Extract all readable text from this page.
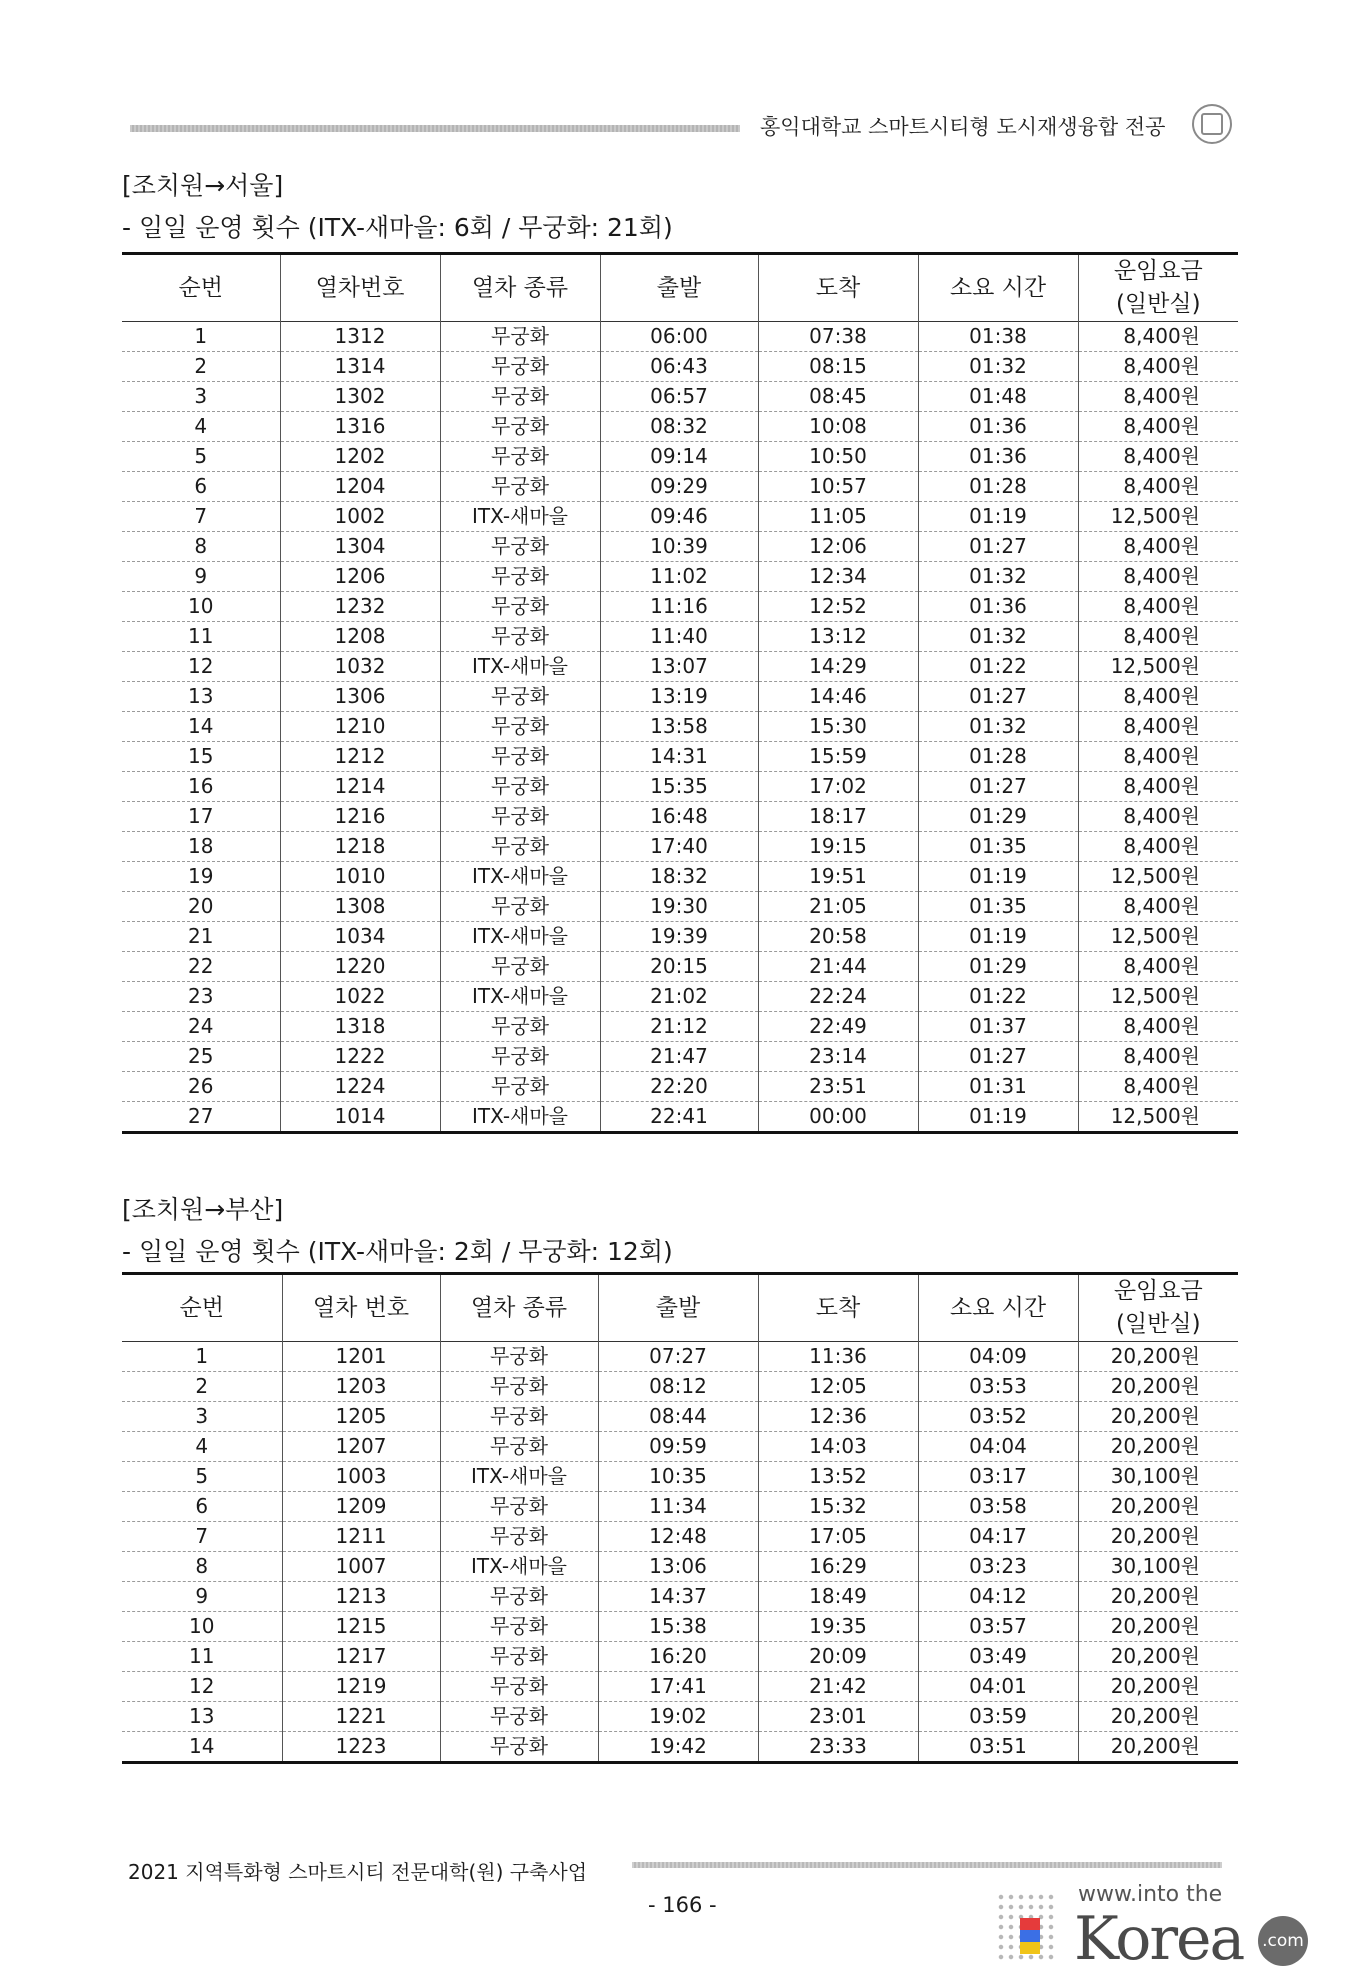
홍익대학교 스마트시티형 도시재생융합 전공
[조치원→서울]
- 일일 운영 횟수 (ITX-새마을: 6회 / 무궁화: 21회)
순번	열차번호	열차 종류	출발	도착	소요 시간	운임요금
(일반실)

1	1312	무궁화	06:00	07:38	01:38	8,400원
2	1314	무궁화	06:43	08:15	01:32	8,400원
3	1302	무궁화	06:57	08:45	01:48	8,400원
4	1316	무궁화	08:32	10:08	01:36	8,400원
5	1202	무궁화	09:14	10:50	01:36	8,400원
6	1204	무궁화	09:29	10:57	01:28	8,400원
7	1002	ITX-새마을	09:46	11:05	01:19	12,500원
8	1304	무궁화	10:39	12:06	01:27	8,400원
9	1206	무궁화	11:02	12:34	01:32	8,400원
10	1232	무궁화	11:16	12:52	01:36	8,400원
11	1208	무궁화	11:40	13:12	01:32	8,400원
12	1032	ITX-새마을	13:07	14:29	01:22	12,500원
13	1306	무궁화	13:19	14:46	01:27	8,400원
14	1210	무궁화	13:58	15:30	01:32	8,400원
15	1212	무궁화	14:31	15:59	01:28	8,400원
16	1214	무궁화	15:35	17:02	01:27	8,400원
17	1216	무궁화	16:48	18:17	01:29	8,400원
18	1218	무궁화	17:40	19:15	01:35	8,400원
19	1010	ITX-새마을	18:32	19:51	01:19	12,500원
20	1308	무궁화	19:30	21:05	01:35	8,400원
21	1034	ITX-새마을	19:39	20:58	01:19	12,500원
22	1220	무궁화	20:15	21:44	01:29	8,400원
23	1022	ITX-새마을	21:02	22:24	01:22	12,500원
24	1318	무궁화	21:12	22:49	01:37	8,400원
25	1222	무궁화	21:47	23:14	01:27	8,400원
26	1224	무궁화	22:20	23:51	01:31	8,400원
27	1014	ITX-새마을	22:41	00:00	01:19	12,500원
[조치원→부산]
- 일일 운영 횟수 (ITX-새마을: 2회 / 무궁화: 12회)
순번	열차 번호	열차 종류	출발	도착	소요 시간	운임요금
(일반실)

1	1201	무궁화	07:27	11:36	04:09	20,200원
2	1203	무궁화	08:12	12:05	03:53	20,200원
3	1205	무궁화	08:44	12:36	03:52	20,200원
4	1207	무궁화	09:59	14:03	04:04	20,200원
5	1003	ITX-새마을	10:35	13:52	03:17	30,100원
6	1209	무궁화	11:34	15:32	03:58	20,200원
7	1211	무궁화	12:48	17:05	04:17	20,200원
8	1007	ITX-새마을	13:06	16:29	03:23	30,100원
9	1213	무궁화	14:37	18:49	04:12	20,200원
10	1215	무궁화	15:38	19:35	03:57	20,200원
11	1217	무궁화	16:20	20:09	03:49	20,200원
12	1219	무궁화	17:41	21:42	04:01	20,200원
13	1221	무궁화	19:02	23:01	03:59	20,200원
14	1223	무궁화	19:42	23:33	03:51	20,200원
2021 지역특화형 스마트시티 전문대학(원) 구축사업
- 166 -	www.into the
Korea .com
